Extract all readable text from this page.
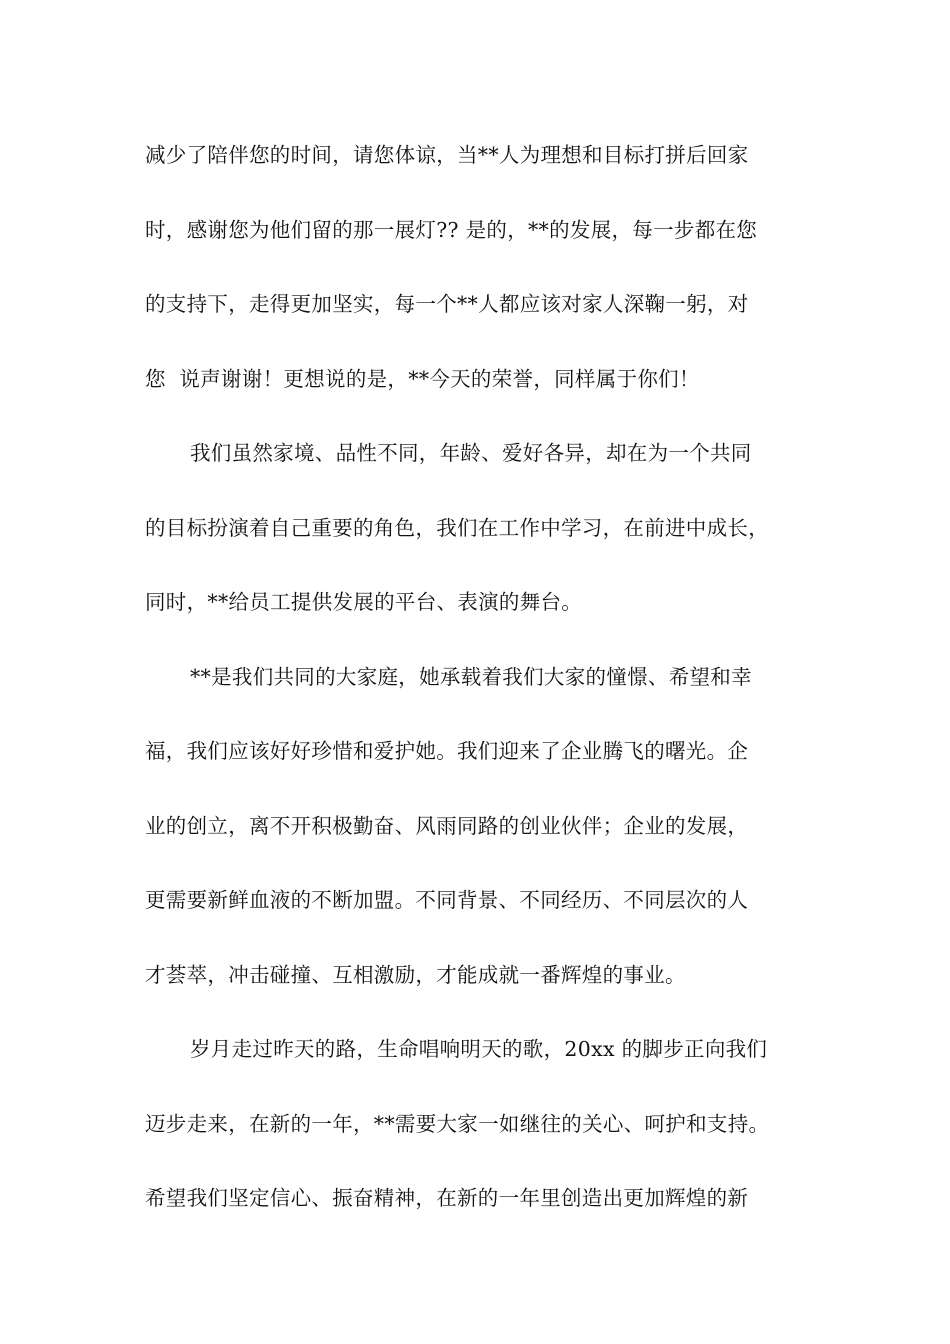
减少了陪伴您的时间，请您体谅，当**人为理想和目标打拼后回家
时，感谢您为他们留的那一展灯?? 是的，**的发展，每一步都在您
的支持下，走得更加坚实，每一个**人都应该对家人深鞠一躬，对
您  说声谢谢！更想说的是，**今天的荣誉，同样属于你们！
我们虽然家境、品性不同，年龄、爱好各异，却在为一个共同
的目标扮演着自己重要的角色，我们在工作中学习，在前进中成长，
同时，**给员工提供发展的平台、表演的舞台。
**是我们共同的大家庭，她承载着我们大家的憧憬、希望和幸
福，我们应该好好珍惜和爱护她。我们迎来了企业腾飞的曙光。企
业的创立，离不开积极勤奋、风雨同路的创业伙伴；企业的发展，
更需要新鲜血液的不断加盟。不同背景、不同经历、不同层次的人
才荟萃，冲击碰撞、互相激励，才能成就一番辉煌的事业。
岁月走过昨天的路，生命唱响明天的歌，20xx 的脚步正向我们
迈步走来，在新的一年，**需要大家一如继往的关心、呵护和支持。
希望我们坚定信心、振奋精神，在新的一年里创造出更加辉煌的新
